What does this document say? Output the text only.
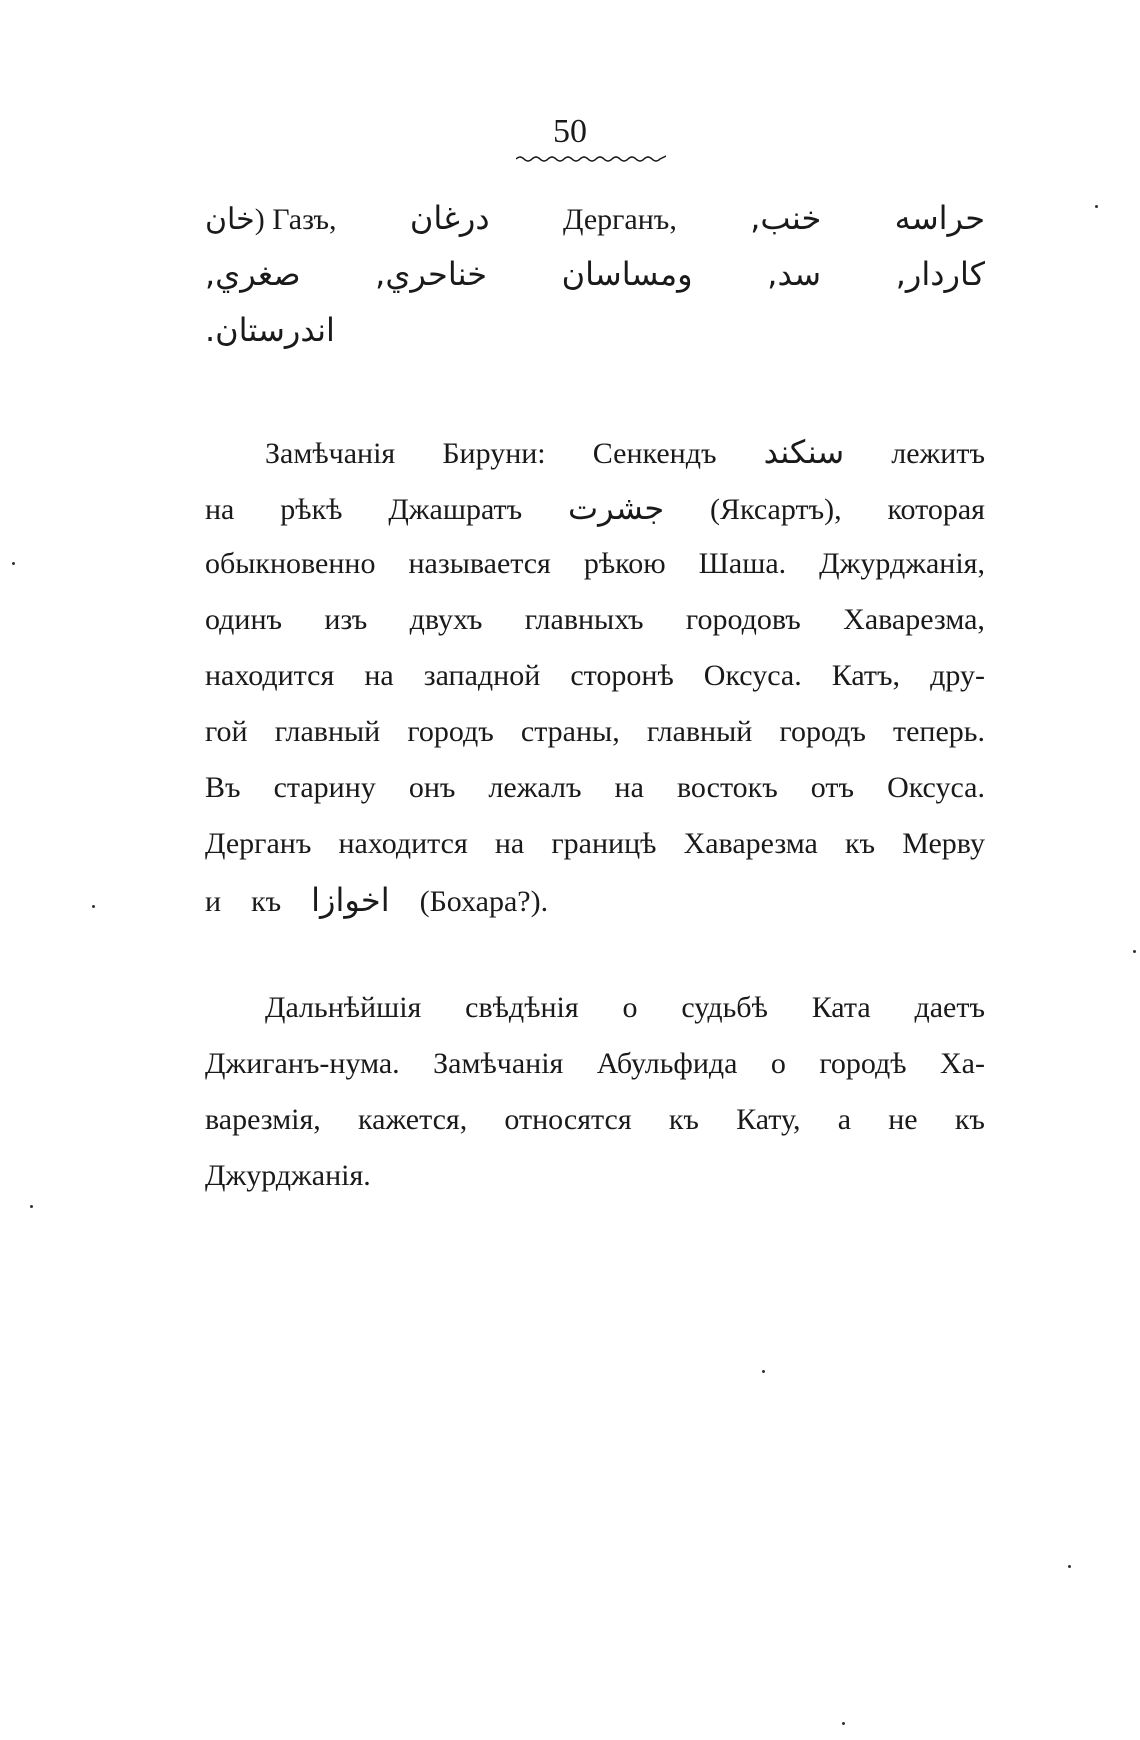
50
خان) Газъ, درغان Дерганъ, خنب, حراسه
صغري, خناحري, ومساسان سد, كاردار,
اندرستان.
Замѣчанія Бируни: Сенкендъ سنكند лежитъ
на рѣкѣ Джашратъ جشرت (Яксартъ), которая
обыкновенно называется рѣкою Шаша. Джурджанія,
одинъ изъ двухъ главныхъ городовъ Хаварезма,
находится на западной сторонѣ Оксуса. Катъ, дру-
гой главный городъ страны, главный городъ теперь.
Въ старину онъ лежалъ на востокъ отъ Оксуса.
Дерганъ находится на границѣ Хаварезма къ Мерву
и къ اخوازا (Бохара?).
Дальнѣйшія свѣдѣнія о судьбѣ Ката даетъ
Джиганъ-нума. Замѣчанія Абульфида о городѣ Ха-
варезмія, кажется, относятся къ Кату, а не къ
Джурджанія.
